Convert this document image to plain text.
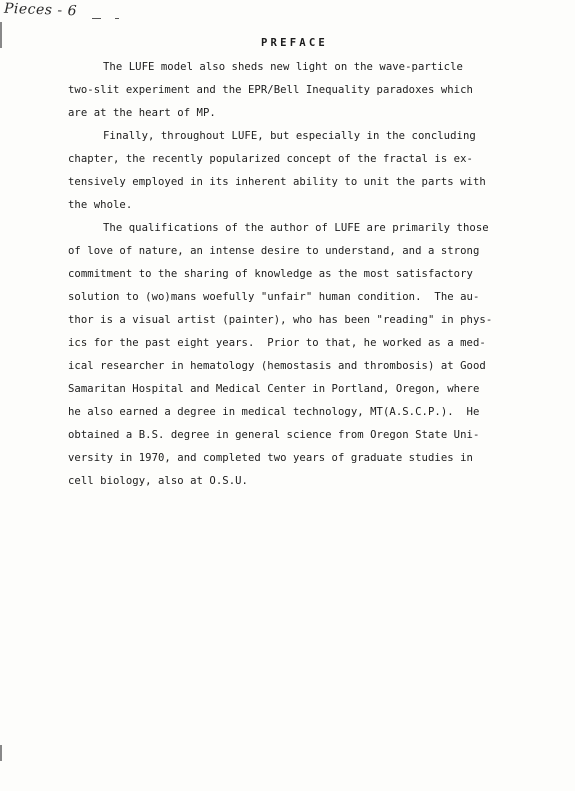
Pieces - 6
PREFACE
The LUFE model also sheds new light on the wave-particle
two-slit experiment and the EPR/Bell Inequality paradoxes which
are at the heart of MP.
Finally, throughout LUFE, but especially in the concluding
chapter, the recently popularized concept of the fractal is ex-
tensively employed in its inherent ability to unit the parts with
the whole.
The qualifications of the author of LUFE are primarily those
of love of nature, an intense desire to understand, and a strong
commitment to the sharing of knowledge as the most satisfactory
solution to (wo)mans woefully "unfair" human condition.  The au-
thor is a visual artist (painter), who has been "reading" in phys-
ics for the past eight years.  Prior to that, he worked as a med-
ical researcher in hematology (hemostasis and thrombosis) at Good
Samaritan Hospital and Medical Center in Portland, Oregon, where
he also earned a degree in medical technology, MT(A.S.C.P.).  He
obtained a B.S. degree in general science from Oregon State Uni-
versity in 1970, and completed two years of graduate studies in
cell biology, also at O.S.U.
